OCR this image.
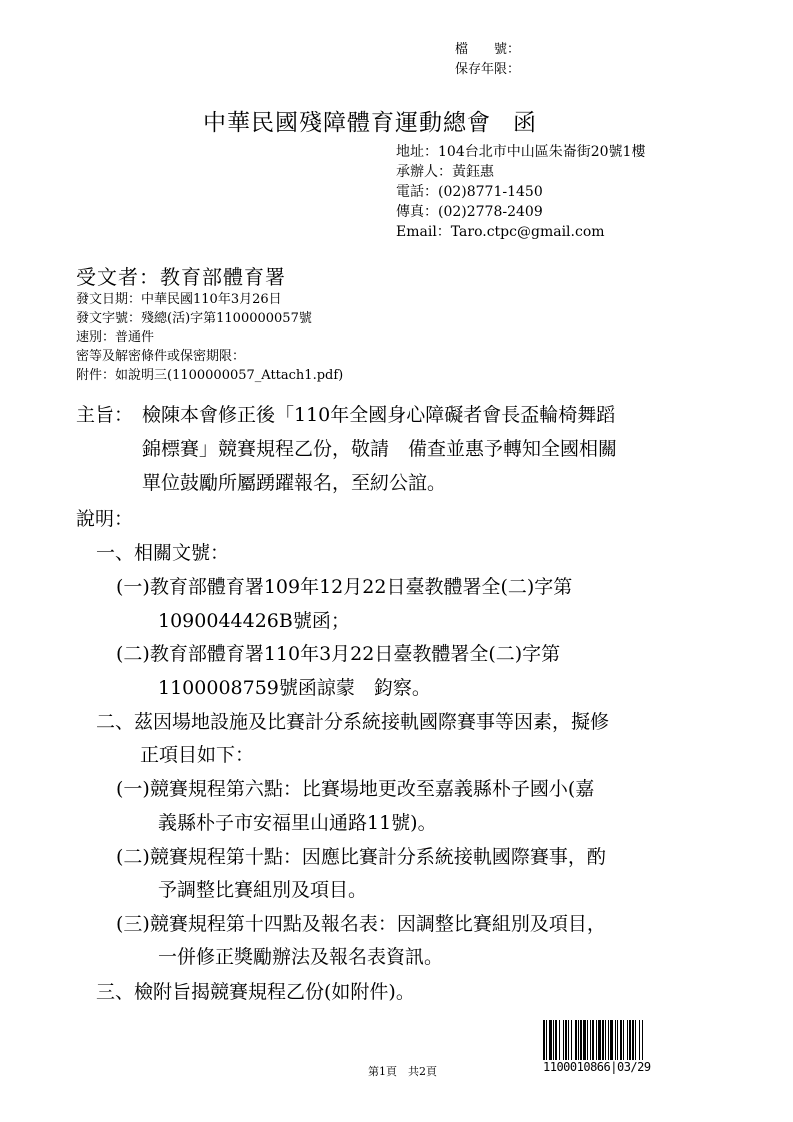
檔　　號：
保存年限：
中華民國殘障體育運動總會 函
地址：104台北市中山區朱崙街20號1樓
承辦人：黃鈺惠
電話：(02)8771-1450
傳真：(02)2778-2409
Email：Taro.ctpc@gmail.com
受文者：教育部體育署
發文日期：中華民國110年3月26日
發文字號：殘總(活)字第1100000057號
速別：普通件
密等及解密條件或保密期限：
附件：如說明三(1100000057_Attach1.pdf)
主旨： 檢陳本會修正後「110年全國身心障礙者會長盃輪椅舞蹈
錦標賽」競賽規程乙份，敬請　備查並惠予轉知全國相關
單位鼓勵所屬踴躍報名，至紉公誼。
說明：
一、相關文號：
(一)教育部體育署109年12月22日臺教體署全(二)字第
1090044426B號函；
(二)教育部體育署110年3月22日臺教體署全(二)字第
1100008759號函諒蒙　鈞察。
二、茲因場地設施及比賽計分系統接軌國際賽事等因素，擬修
正項目如下：
(一)競賽規程第六點：比賽場地更改至嘉義縣朴子國小(嘉
義縣朴子市安福里山通路11號)。
(二)競賽規程第十點：因應比賽計分系統接軌國際賽事，酌
予調整比賽組別及項目。
(三)競賽規程第十四點及報名表：因調整比賽組別及項目，
一併修正獎勵辦法及報名表資訊。
三、檢附旨揭競賽規程乙份(如附件)。
第1頁　共2頁	1100010866|03/29
